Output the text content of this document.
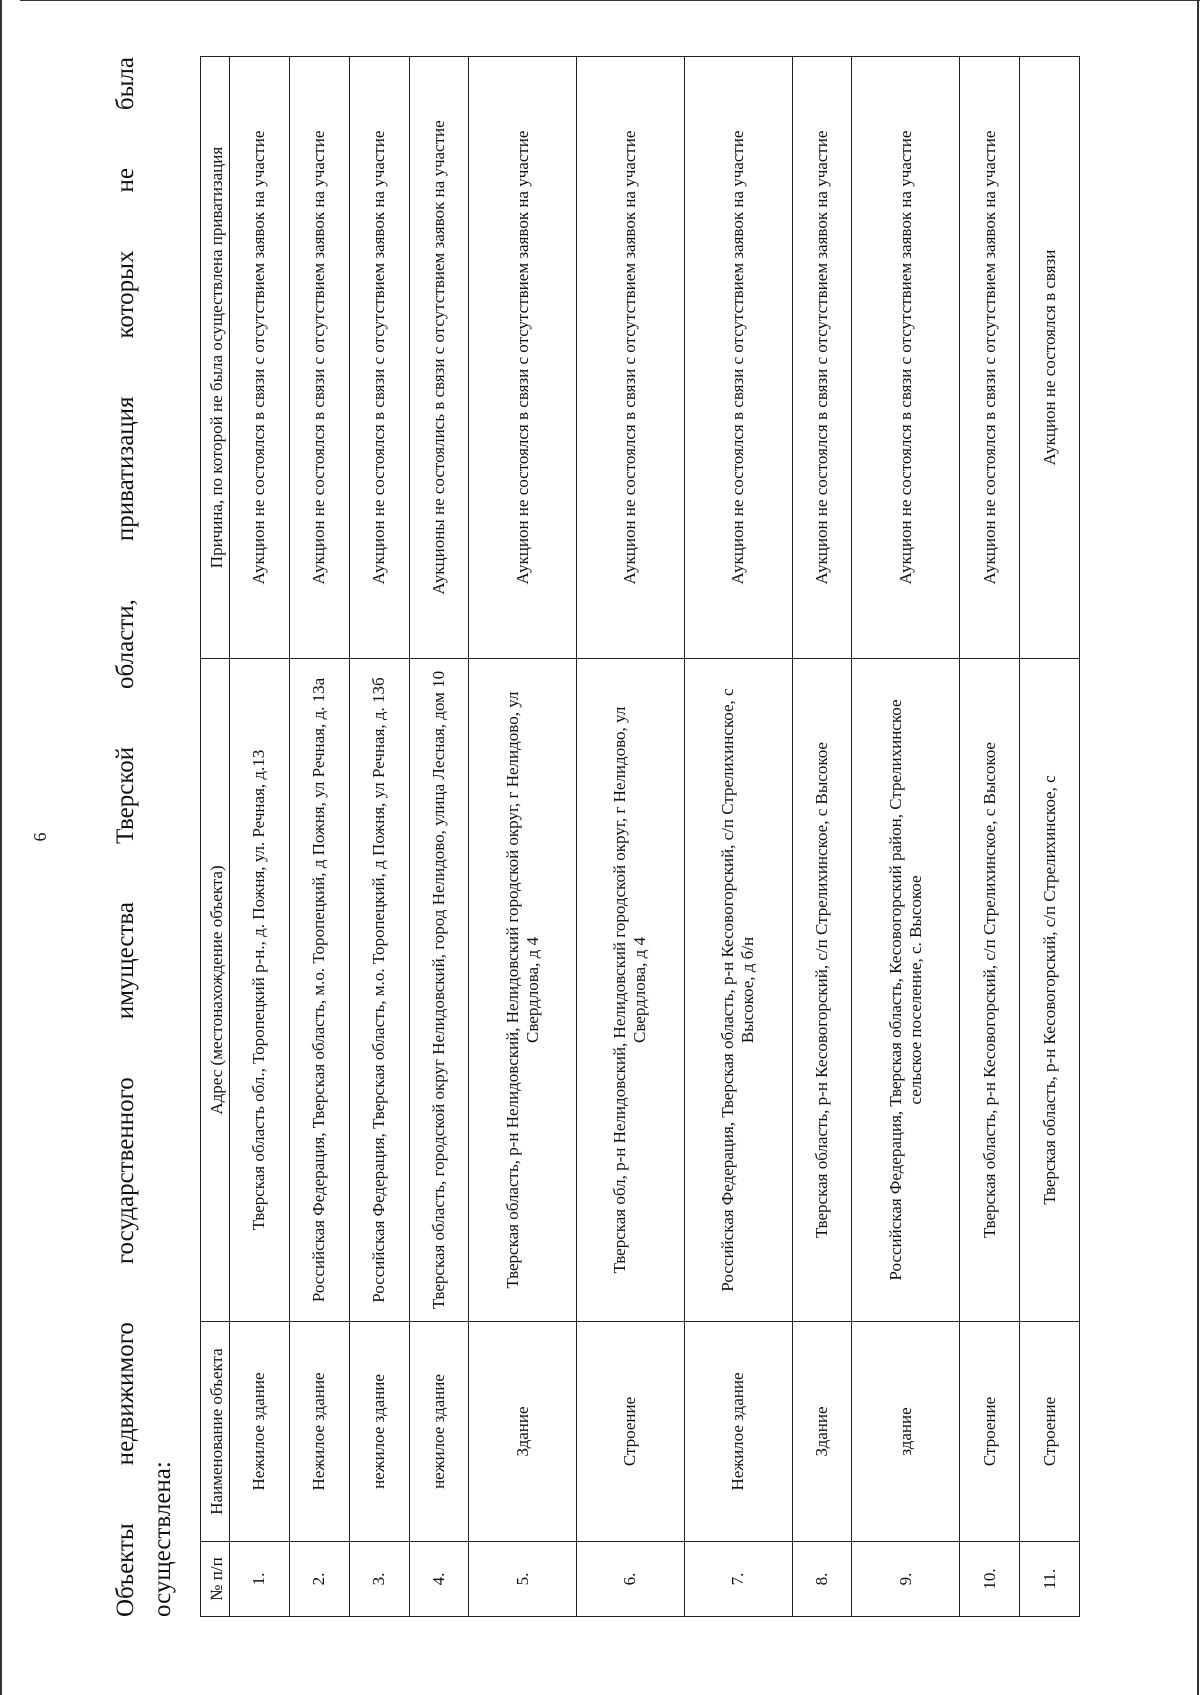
6 Объекты недвижимого государственного имущества Тверской области, приватизация которых не была осуществлена: № п/п	Наименование объекта	Адрес (местонахождение объекта)	Причина, по которой не была осуществлена приватизация
1.	Нежилое здание	Тверская область обл., Торопецкий р-н., д. Пожня, ул. Речная, д.13	Аукцион не состоялся в связи с отсутствием заявок на участие
2.	Нежилое здание	Российская Федерация, Тверская область, м.о. Торопецкий, д Пожня, ул Речная, д. 13а	Аукцион не состоялся в связи с отсутствием заявок на участие
3.	нежилое здание	Российская Федерация, Тверская область, м.о. Торопецкий, д Пожня, ул Речная, д. 13б	Аукцион не состоялся в связи с отсутствием заявок на участие
4.	нежилое здание	Тверская область, городской округ Нелидовский, город Нелидово, улица Лесная, дом 10	Аукционы не состоялись в связи с отсутствием заявок на участие
5.	Здание	Тверская область, р-н Нелидовский, Нелидовский городской округ, г Нелидово, ул Свердлова, д 4	Аукцион не состоялся в связи с отсутствием заявок на участие
6.	Строение	Тверская обл, р-н Нелидовский, Нелидовский городской округ, г Нелидово, ул Свердлова, д 4	Аукцион не состоялся в связи с отсутствием заявок на участие
7.	Нежилое здание	Российская Федерация, Тверская область, р-н Кесовогорский, с/п Стрелихинское, с Высокое, д б/н	Аукцион не состоялся в связи с отсутствием заявок на участие
8.	Здание	Тверская область, р-н Кесовогорский, с/п Стрелихинское, с Высокое	Аукцион не состоялся в связи с отсутствием заявок на участие
9.	здание	Российская Федерация, Тверская область, Кесовогорский район, Стрелихинское сельское поселение, с. Высокое	Аукцион не состоялся в связи с отсутствием заявок на участие
10.	Строение	Тверская область, р-н Кесовогорский, с/п Стрелихинское, с Высокое	Аукцион не состоялся в связи с отсутствием заявок на участие
11.	Строение	Тверская область, р-н Кесовогорский, с/п Стрелихинское, с	Аукцион не состоялся в связи
